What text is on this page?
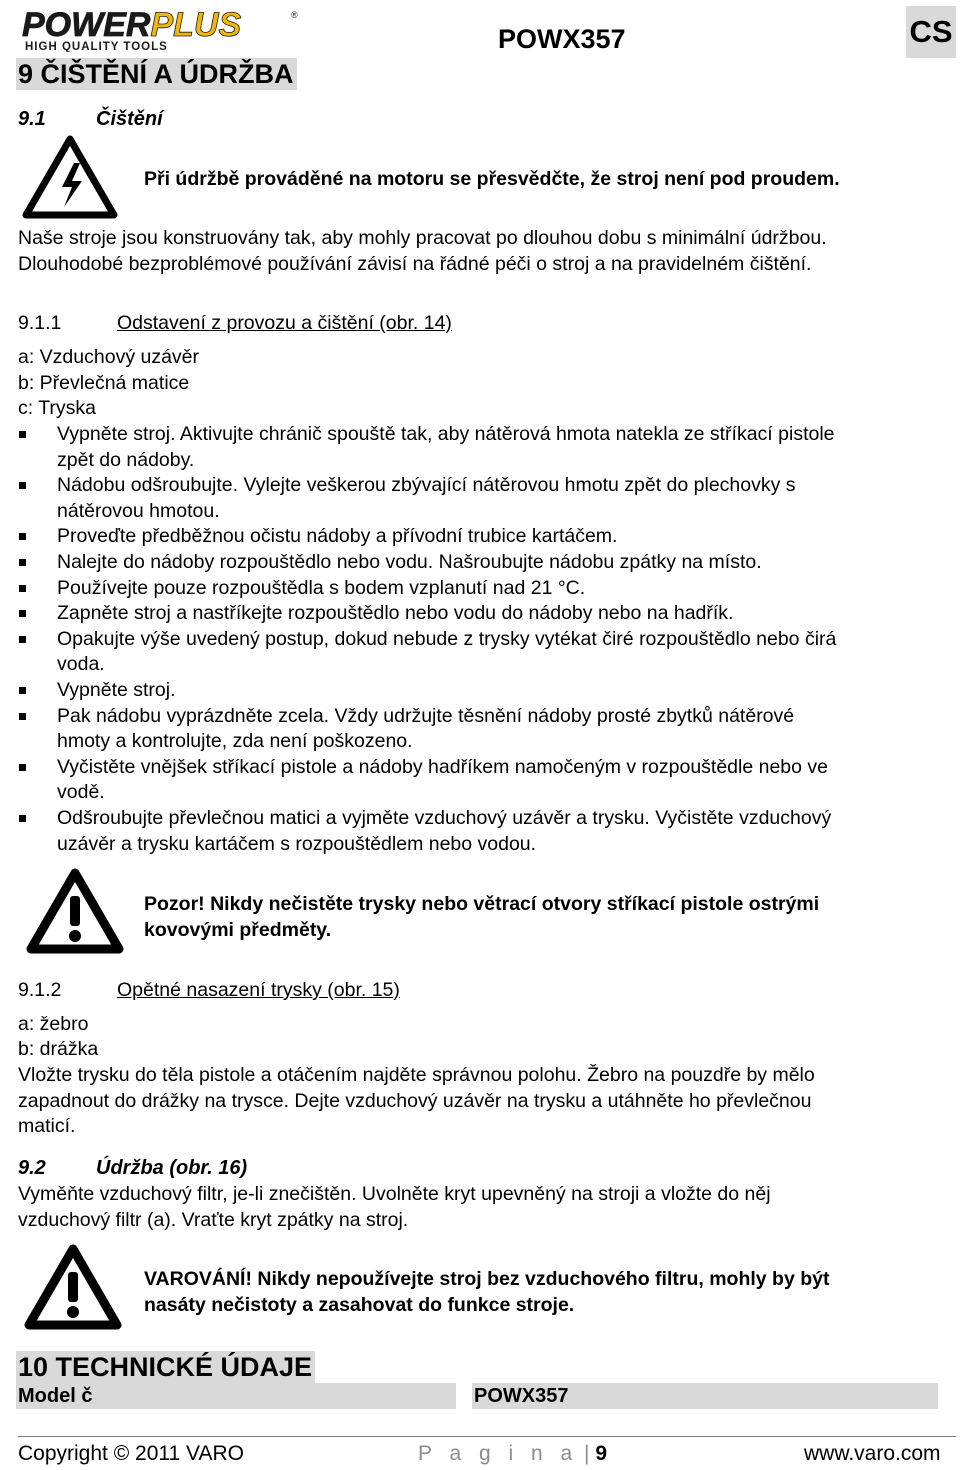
POWERPLUS	®
HIGH QUALITY TOOLS	POWX357	CS
9 ČIŠTĚNÍ A ÚDRŽBA
9.1	Čištění
Při údržbě prováděné na motoru se přesvědčte, že stroj není pod proudem.
Naše stroje jsou konstruovány tak, aby mohly pracovat po dlouhou dobu s minimální údržbou.
Dlouhodobé bezproblémové používání závisí na řádné péči o stroj a na pravidelném čištění.
9.1.1	Odstavení z provozu a čištění (obr. 14)
a: Vzduchový uzávěr
b: Převlečná matice
c: Tryska
Vypněte stroj. Aktivujte chránič spouště tak, aby nátěrová hmota natekla ze stříkací pistole
zpět do nádoby.
Nádobu odšroubujte. Vylejte veškerou zbývající nátěrovou hmotu zpět do plechovky s
nátěrovou hmotou.
Proveďte předběžnou očistu nádoby a přívodní trubice kartáčem.
Nalejte do nádoby rozpouštědlo nebo vodu. Našroubujte nádobu zpátky na místo.
Používejte pouze rozpouštědla s bodem vzplanutí nad 21 °C.
Zapněte stroj a nastříkejte rozpouštědlo nebo vodu do nádoby nebo na hadřík.
Opakujte výše uvedený postup, dokud nebude z trysky vytékat čiré rozpouštědlo nebo čirá
voda.
Vypněte stroj.
Pak nádobu vyprázdněte zcela. Vždy udržujte těsnění nádoby prosté zbytků nátěrové
hmoty a kontrolujte, zda není poškozeno.
Vyčistěte vnějšek stříkací pistole a nádoby hadříkem namočeným v rozpouštědle nebo ve
vodě.
Odšroubujte převlečnou matici a vyjměte vzduchový uzávěr a trysku. Vyčistěte vzduchový
uzávěr a trysku kartáčem s rozpouštědlem nebo vodou.
Pozor! Nikdy nečistěte trysky nebo větrací otvory stříkací pistole ostrými
kovovými předměty.
9.1.2	Opětné nasazení trysky (obr. 15)
a: žebro
b: drážka
Vložte trysku do těla pistole a otáčením najděte správnou polohu. Žebro na pouzdře by mělo
zapadnout do drážky na trysce. Dejte vzduchový uzávěr na trysku a utáhněte ho převlečnou
maticí.
9.2	Údržba (obr. 16)
Vyměňte vzduchový filtr, je-li znečištěn. Uvolněte kryt upevněný na stroji a vložte do něj
vzduchový filtr (a). Vraťte kryt zpátky na stroj.
VAROVÁNÍ! Nikdy nepoužívejte stroj bez vzduchového filtru, mohly by být
nasáty nečistoty a zasahovat do funkce stroje.
10 TECHNICKÉ ÚDAJE
Model č	POWX357
Copyright © 2011 VARO	P a g i n a | 9	www.varo.com
